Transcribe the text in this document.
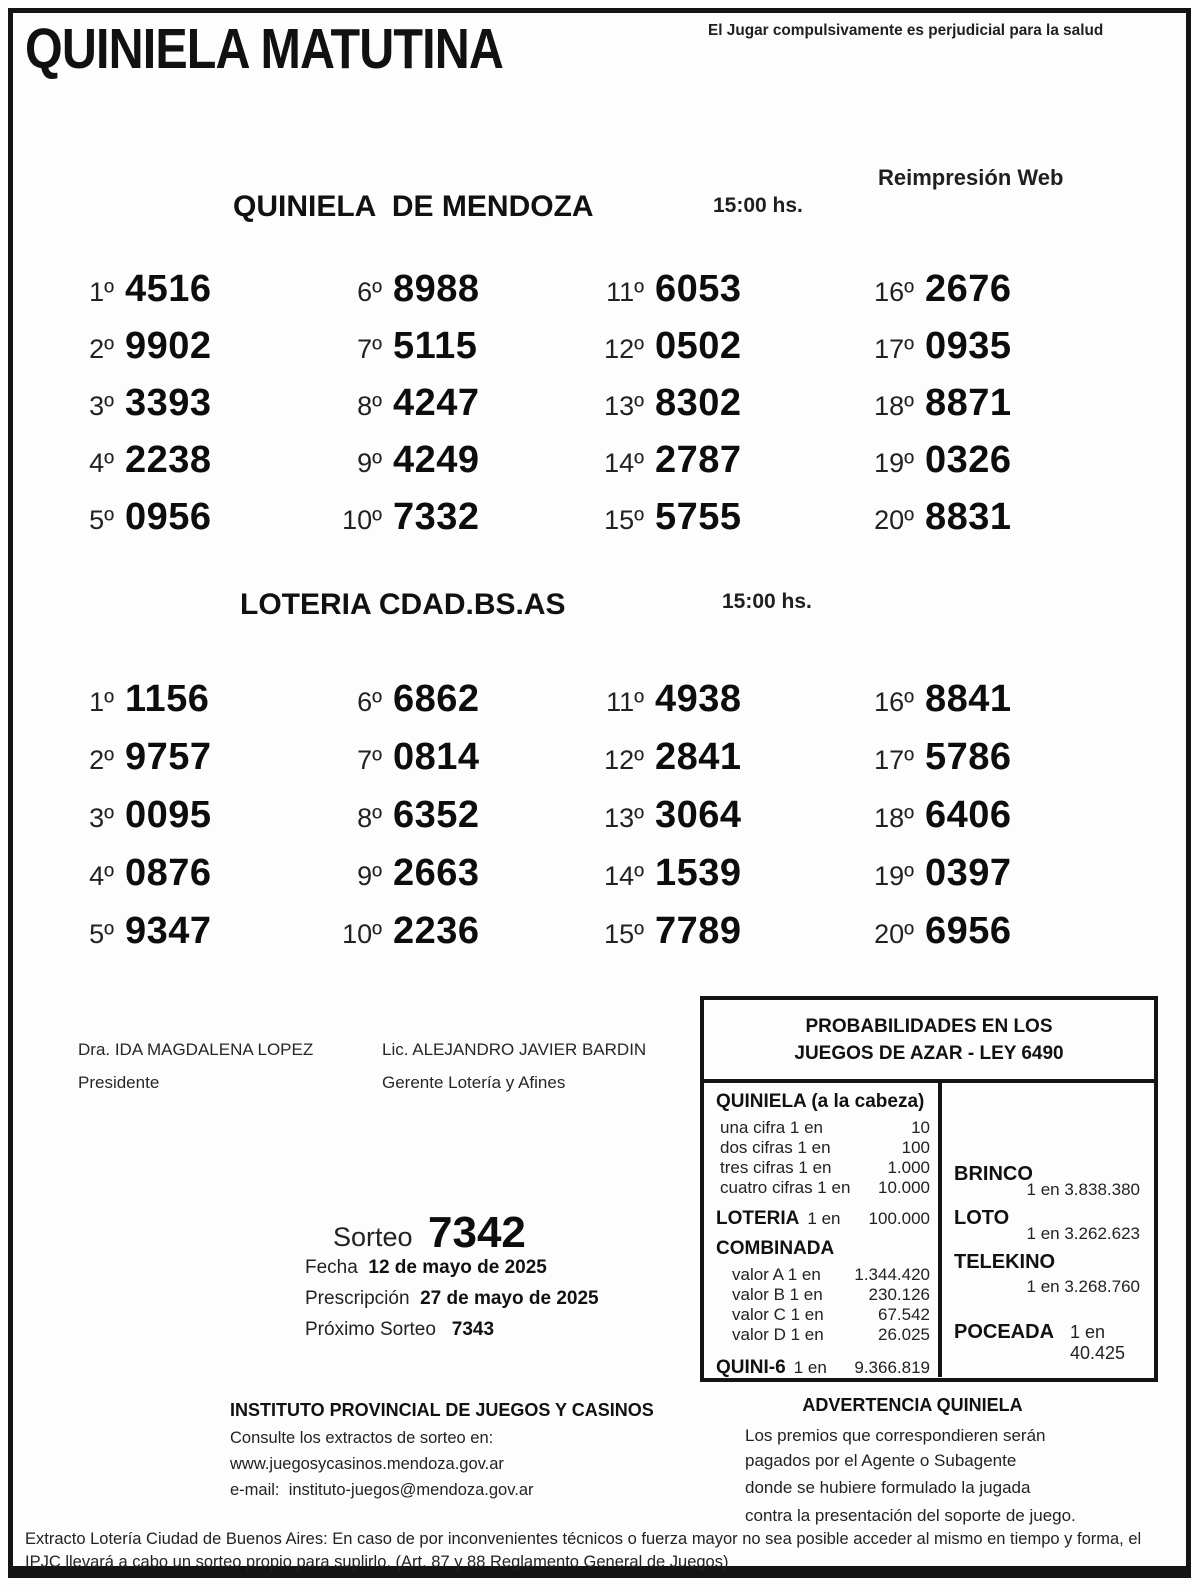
QUINIELA MATUTINA	El Jugar compulsivamente es perjudicial para la salud
Reimpresión Web
QUINIELA  DE MENDOZA	15:00 hs.
1º 4516
2º 9902
3º 3393
4º 2238
5º 0956
6º 8988
7º 5115
8º 4247
9º 4249
10º 7332
11º 6053
12º 0502
13º 8302
14º 2787
15º 5755
16º 2676
17º 0935
18º 8871
19º 0326
20º 8831
LOTERIA CDAD.BS.AS	15:00 hs.
1º 1156
2º 9757
3º 0095
4º 0876
5º 9347
6º 6862
7º 0814
8º 6352
9º 2663
10º 2236
11º 4938
12º 2841
13º 3064
14º 1539
15º 7789
16º 8841
17º 5786
18º 6406
19º 0397
20º 6956
Dra. IDA MAGDALENA LOPEZ
Presidente
Lic. ALEJANDRO JAVIER BARDIN
Gerente Lotería y Afines
Sorteo 7342
Fecha  12 de mayo de 2025
Prescripción  27 de mayo de 2025
Próximo Sorteo   7343
PROBABILIDADES EN LOS
JUEGOS DE AZAR - LEY 6490
QUINIELA (a la cabeza)
una cifra 1 en	10
dos cifras 1 en	100
tres cifras 1 en	1.000
cuatro cifras 1 en 10.000
LOTERIA 1 en	100.000
COMBINADA
valor A 1 en 1.344.420
valor B 1 en	230.126
valor C 1 en	67.542
valor D 1 en	26.025
QUINI-6 1 en	9.366.819
BRINCO
1 en 3.838.380
LOTO
1 en 3.262.623
TELEKINO
1 en 3.268.760
POCEADA 1 en 40.425
ADVERTENCIA QUINIELA
Los premios que correspondieren serán
pagados por el Agente o Subagente
donde se hubiere formulado la jugada
contra la presentación del soporte de juego.
INSTITUTO PROVINCIAL DE JUEGOS Y CASINOS
Consulte los extractos de sorteo en:
www.juegosycasinos.mendoza.gov.ar
e-mail:  instituto-juegos@mendoza.gov.ar
Extracto Lotería Ciudad de Buenos Aires: En caso de por inconvenientes técnicos o fuerza mayor no sea posible acceder al mismo en tiempo y forma, el IPJC llevará a cabo un sorteo propio para suplirlo. (Art. 87 y 88 Reglamento General de Juegos)
